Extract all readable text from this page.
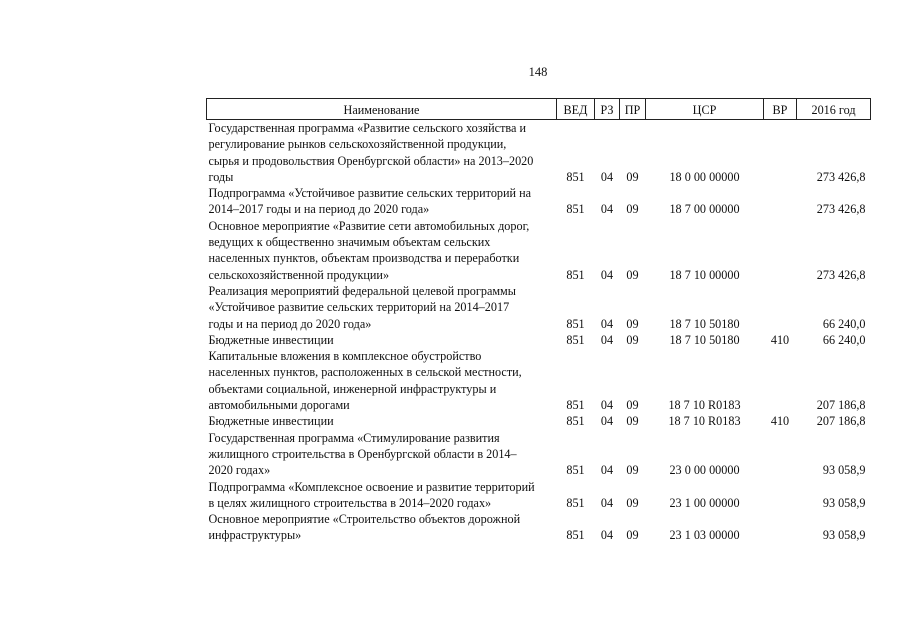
148
Наименование	ВЕД	РЗ	ПР	ЦСР	ВР	2016 год

Государственная программа «Развитие сельского хозяйства и
регулирование рынков сельскохозяйственной продукции,
сырья и продовольствия Оренбургской области» на 2013–2020
годы	851	04	09	18 0 00 00000		273 426,8

Подпрограмма «Устойчивое развитие сельских территорий на
2014–2017 годы и на период до 2020 года»	851	04	09	18 7 00 00000		273 426,8

Основное мероприятие «Развитие сети автомобильных дорог,
ведущих к общественно значимым объектам сельских
населенных пунктов, объектам производства и переработки
сельскохозяйственной продукции»	851	04	09	18 7 10 00000		273 426,8

Реализация мероприятий федеральной целевой программы
«Устойчивое развитие сельских территорий на 2014–2017
годы и на период до 2020 года»	851	04	09	18 7 10 50180		66 240,0

Бюджетные инвестиции	851	04	09	18 7 10 50180	410	66 240,0

Капитальные вложения в комплексное обустройство
населенных пунктов, расположенных в сельской местности,
объектами социальной, инженерной инфраструктуры и
автомобильными дорогами	851	04	09	18 7 10 R0183		207 186,8

Бюджетные инвестиции	851	04	09	18 7 10 R0183	410	207 186,8

Государственная программа «Стимулирование развития
жилищного строительства в Оренбургской области в 2014–
2020 годах»	851	04	09	23 0 00 00000		93 058,9

Подпрограмма «Комплексное освоение и развитие территорий
в целях жилищного строительства в 2014–2020 годах»	851	04	09	23 1 00 00000		93 058,9

Основное мероприятие «Строительство объектов дорожной
инфраструктуры»	851	04	09	23 1 03 00000		93 058,9
